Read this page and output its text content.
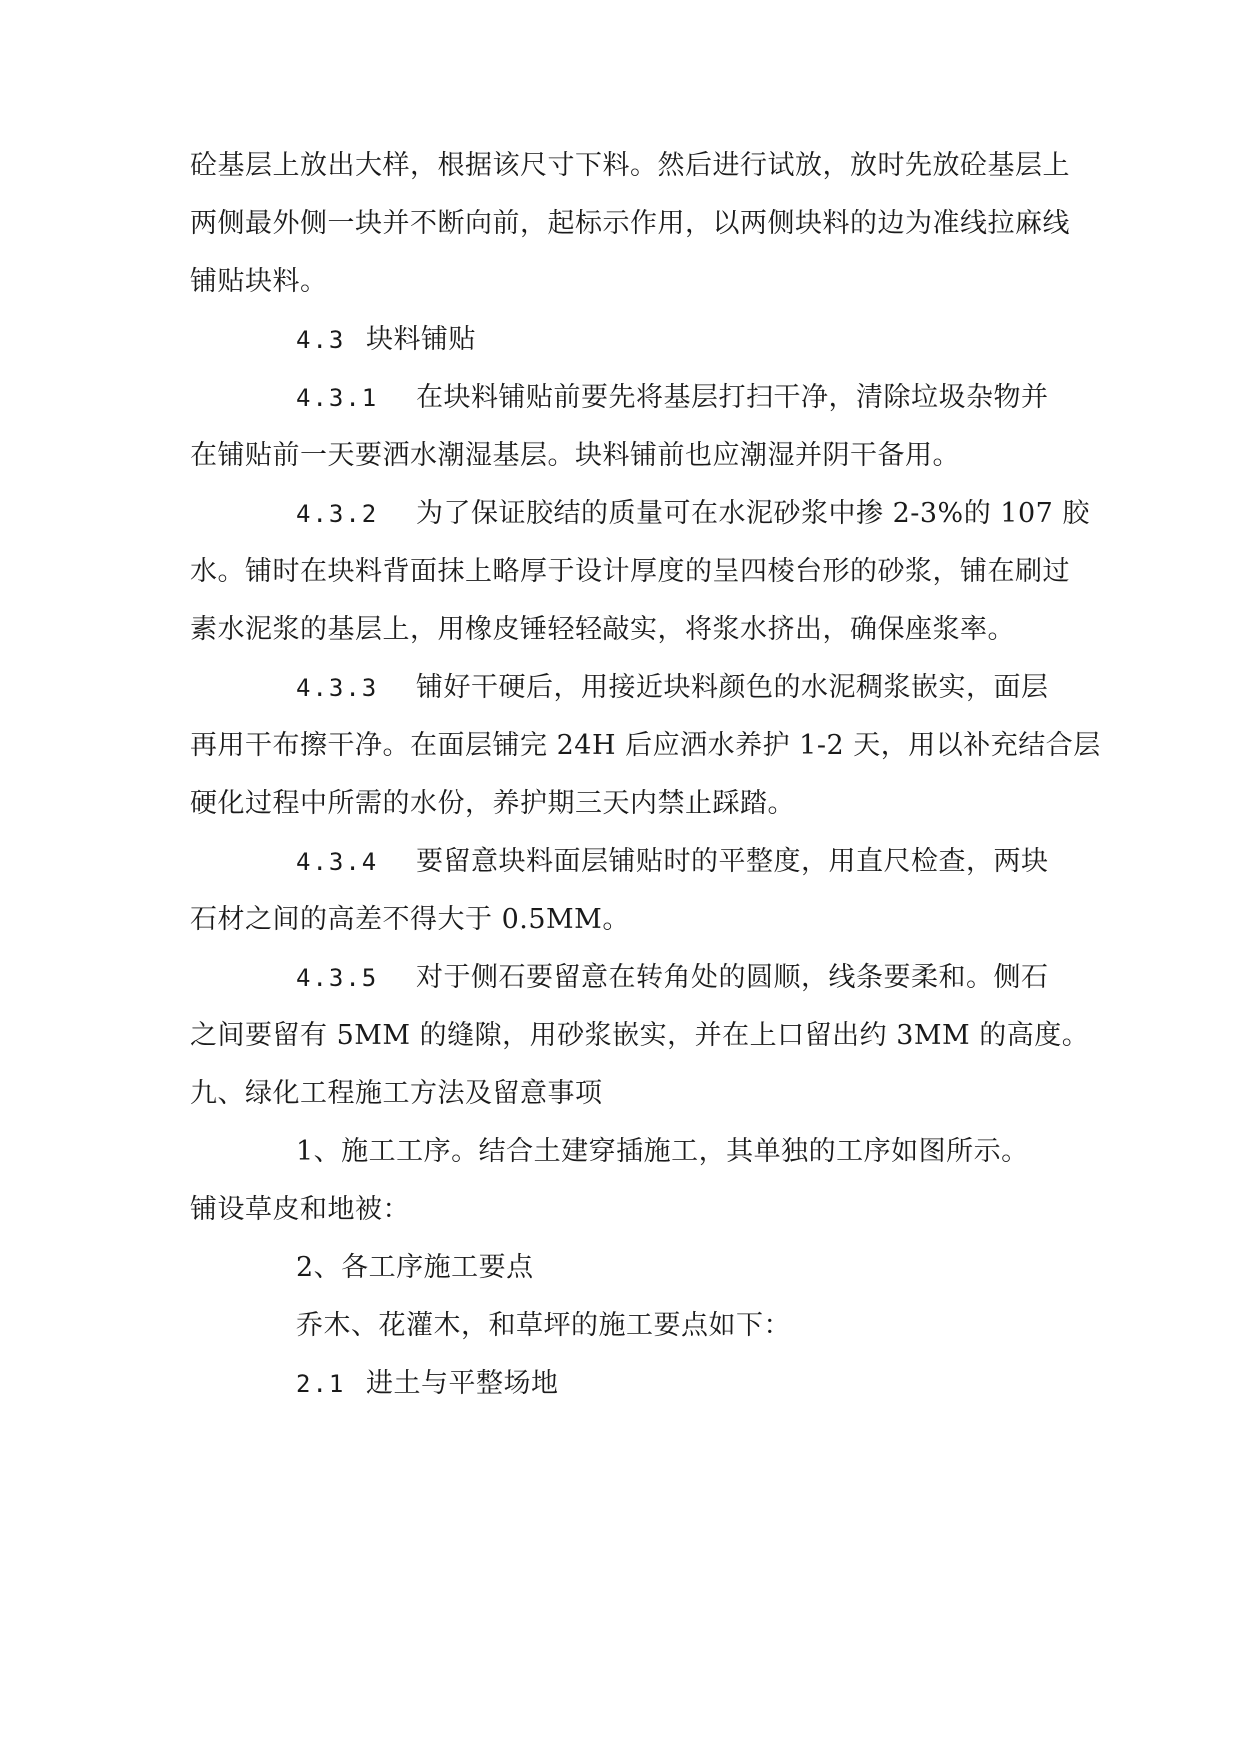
砼基层上放出大样，根据该尺寸下料。然后进行试放，放时先放砼基层上
两侧最外侧一块并不断向前，起标示作用，以两侧块料的边为准线拉麻线
铺贴块料。
4.3 块料铺贴
4.3.1 在块料铺贴前要先将基层打扫干净，清除垃圾杂物并
在铺贴前一天要洒水潮湿基层。块料铺前也应潮湿并阴干备用。
4.3.2 为了保证胶结的质量可在水泥砂浆中掺 2-3%的 107 胶
水。铺时在块料背面抹上略厚于设计厚度的呈四棱台形的砂浆，铺在刷过
素水泥浆的基层上，用橡皮锤轻轻敲实，将浆水挤出，确保座浆率。
4.3.3 铺好干硬后，用接近块料颜色的水泥稠浆嵌实，面层
再用干布擦干净。在面层铺完 24H 后应洒水养护 1-2 天，用以补充结合层
硬化过程中所需的水份，养护期三天内禁止踩踏。
4.3.4 要留意块料面层铺贴时的平整度，用直尺检查，两块
石材之间的高差不得大于 0.5MM。
4.3.5 对于侧石要留意在转角处的圆顺，线条要柔和。侧石
之间要留有 5MM 的缝隙，用砂浆嵌实，并在上口留出约 3MM 的高度。
九、绿化工程施工方法及留意事项
1、施工工序。结合土建穿插施工，其单独的工序如图所示。
铺设草皮和地被：
2、各工序施工要点
乔木、花灌木，和草坪的施工要点如下：
2.1 进土与平整场地
